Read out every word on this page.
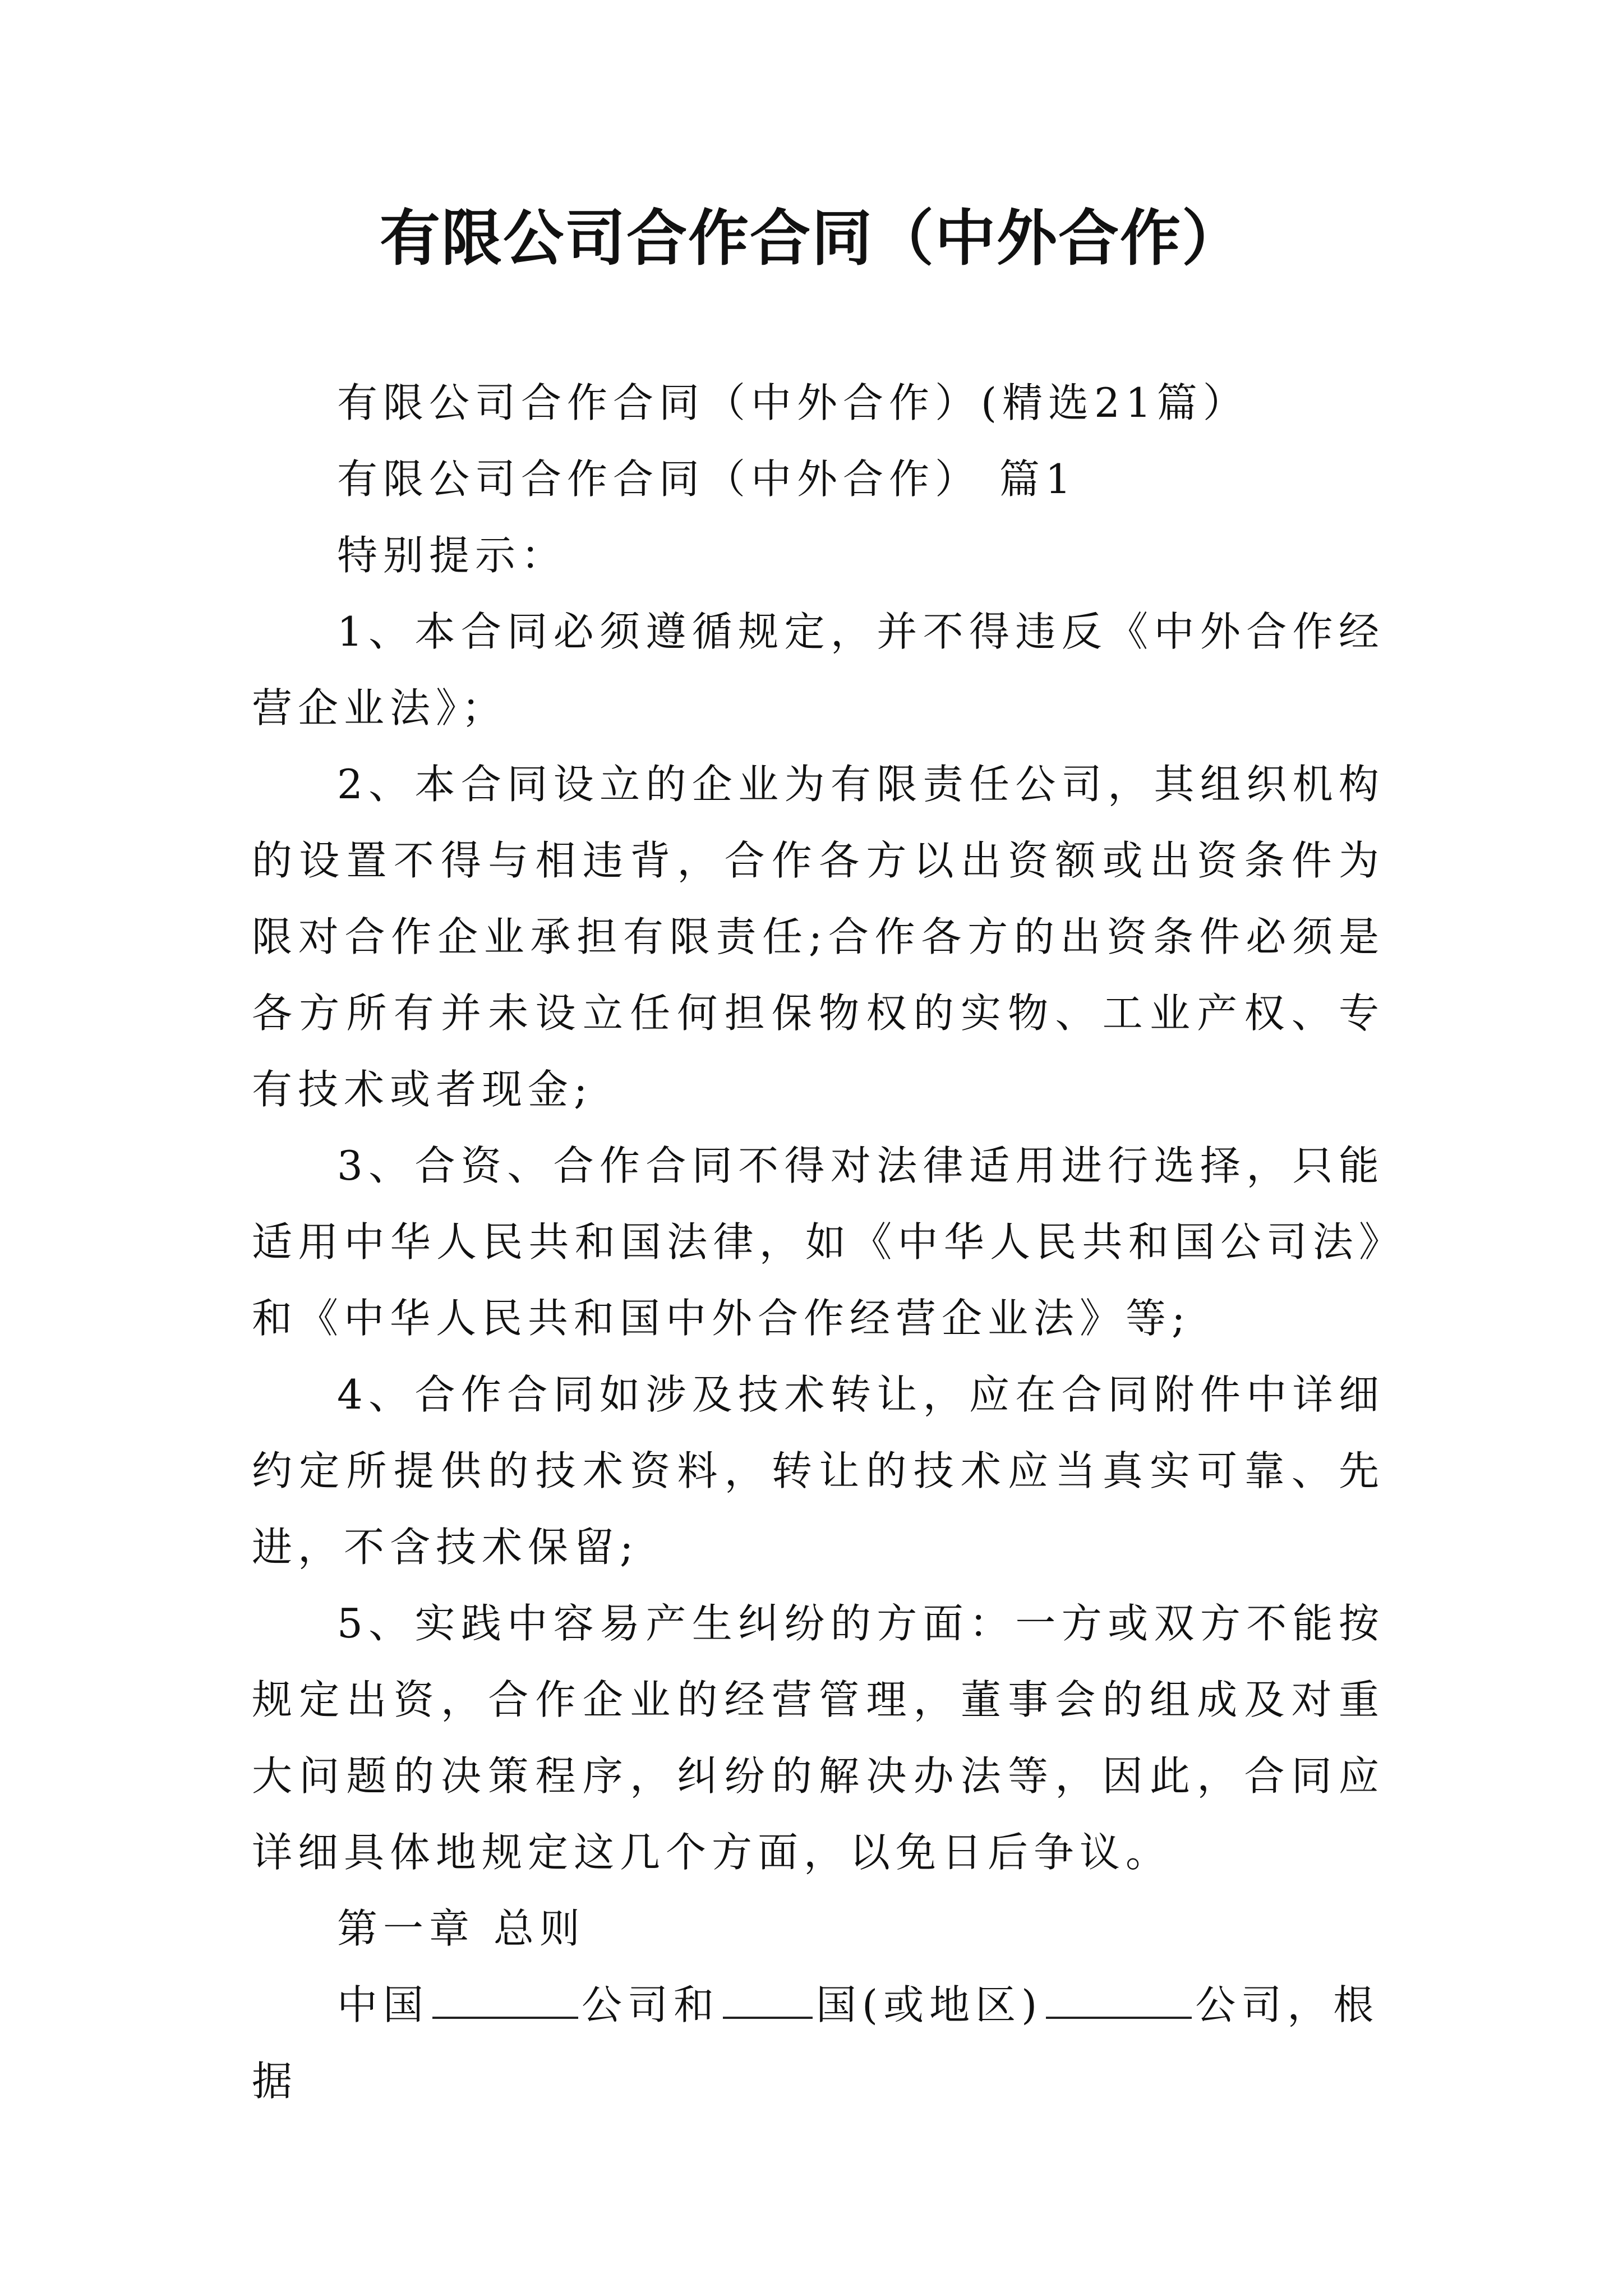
有限公司合作合同（中外合作）

有限公司合作合同（中外合作）(精选21篇）

有限公司合作合同（中外合作） 篇1

特别提示：

1、本合同必须遵循规定，并不得违反《中外合作经营企业法》；

2、本合同设立的企业为有限责任公司，其组织机构的设置不得与相违背，合作各方以出资额或出资条件为限对合作企业承担有限责任;合作各方的出资条件必须是各方所有并未设立任何担保物权的实物、工业产权、专有技术或者现金;

3、合资、合作合同不得对法律适用进行选择，只能适用中华人民共和国法律，如《中华人民共和国公司法》和《中华人民共和国中外合作经营企业法》等;

4、合作合同如涉及技术转让，应在合同附件中详细约定所提供的技术资料，转让的技术应当真实可靠、先进，不含技术保留;

5、实践中容易产生纠纷的方面：一方或双方不能按规定出资，合作企业的经营管理，董事会的组成及对重大问题的决策程序，纠纷的解决办法等，因此，合同应详细具体地规定这几个方面，以免日后争议。

第一章 总则

中国	公司和 国(或地区)	公司，根据
